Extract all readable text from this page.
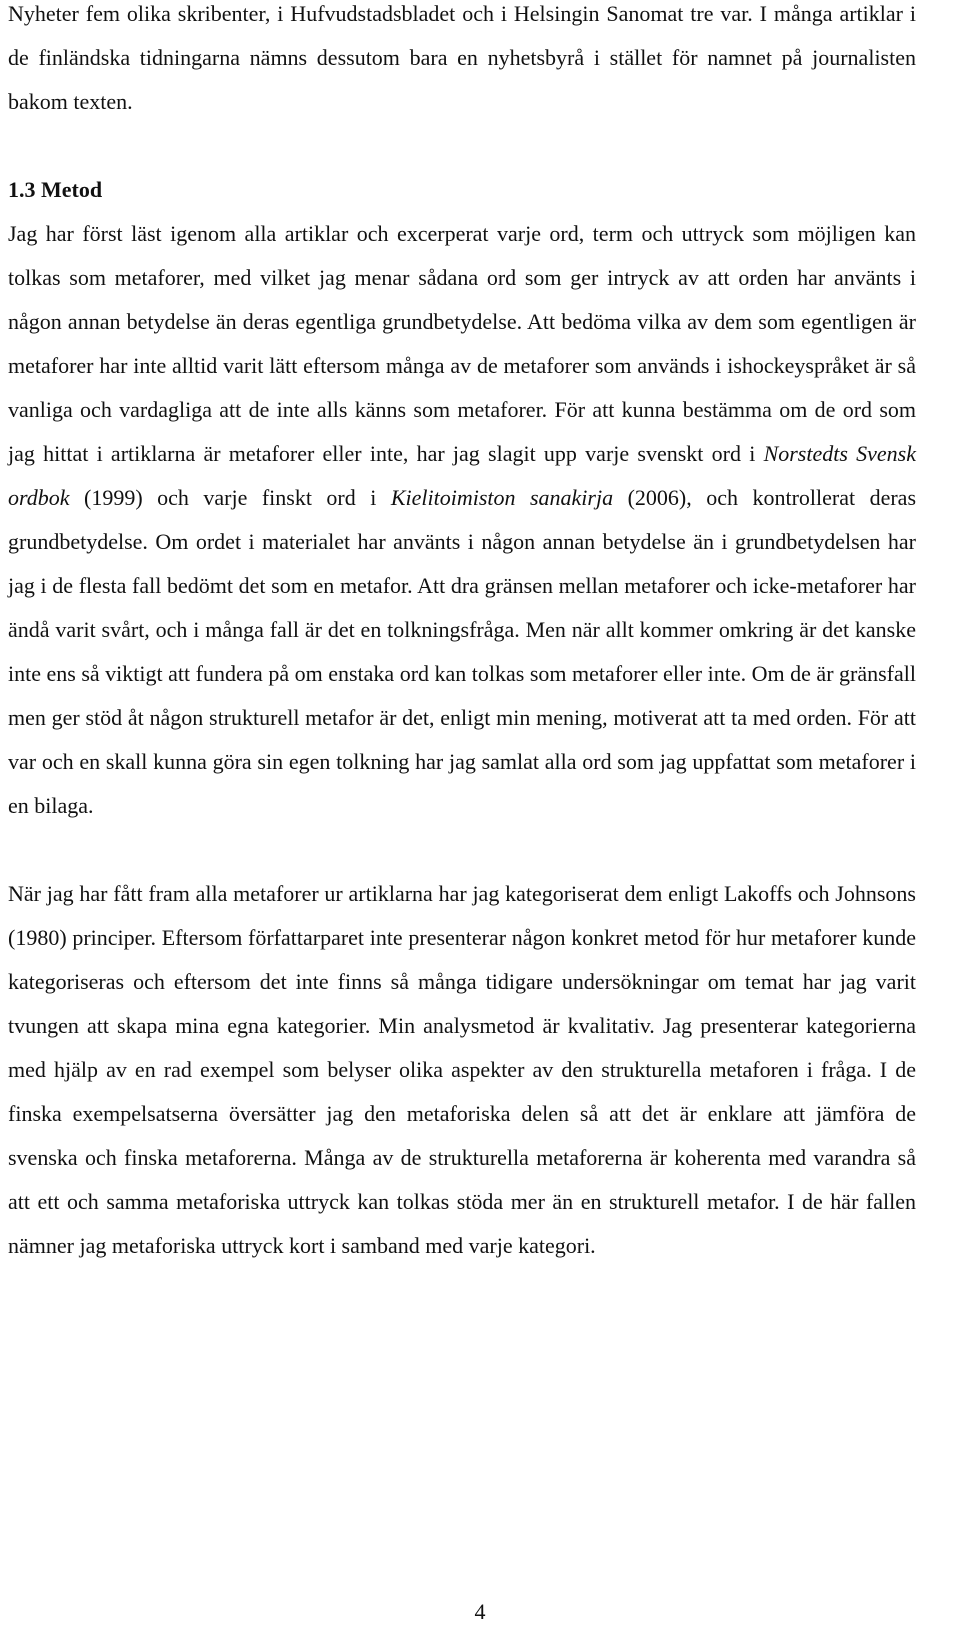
Nyheter fem olika skribenter, i Hufvudstadsbladet och i Helsingin Sanomat tre var. I många artiklar i de finländska tidningarna nämns dessutom bara en nyhetsbyrå i stället för namnet på journalisten bakom texten.

1.3 Metod

Jag har först läst igenom alla artiklar och excerperat varje ord, term och uttryck som möjligen kan tolkas som metaforer, med vilket jag menar sådana ord som ger intryck av att orden har använts i någon annan betydelse än deras egentliga grundbetydelse. Att bedöma vilka av dem som egentligen är metaforer har inte alltid varit lätt eftersom många av de metaforer som används i ishockeyspråket är så vanliga och vardagliga att de inte alls känns som metaforer. För att kunna bestämma om de ord som jag hittat i artiklarna är metaforer eller inte, har jag slagit upp varje svenskt ord i Norstedts Svensk ordbok (1999) och varje finskt ord i Kielitoimiston sanakirja (2006), och kontrollerat deras grundbetydelse. Om ordet i materialet har använts i någon annan betydelse än i grundbetydelsen har jag i de flesta fall bedömt det som en metafor. Att dra gränsen mellan metaforer och icke-metaforer har ändå varit svårt, och i många fall är det en tolkningsfråga. Men när allt kommer omkring är det kanske inte ens så viktigt att fundera på om enstaka ord kan tolkas som metaforer eller inte. Om de är gränsfall men ger stöd åt någon strukturell metafor är det, enligt min mening, motiverat att ta med orden. För att var och en skall kunna göra sin egen tolkning har jag samlat alla ord som jag uppfattat som metaforer i en bilaga.

När jag har fått fram alla metaforer ur artiklarna har jag kategoriserat dem enligt Lakoffs och Johnsons (1980) principer. Eftersom författarparet inte presenterar någon konkret metod för hur metaforer kunde kategoriseras och eftersom det inte finns så många tidigare undersökningar om temat har jag varit tvungen att skapa mina egna kategorier. Min analysmetod är kvalitativ. Jag presenterar kategorierna med hjälp av en rad exempel som belyser olika aspekter av den strukturella metaforen i fråga. I de finska exempelsatserna översätter jag den metaforiska delen så att det är enklare att jämföra de svenska och finska metaforerna. Många av de strukturella metaforerna är koherenta med varandra så att ett och samma metaforiska uttryck kan tolkas stöda mer än en strukturell metafor. I de här fallen nämner jag metaforiska uttryck kort i samband med varje kategori.

4
